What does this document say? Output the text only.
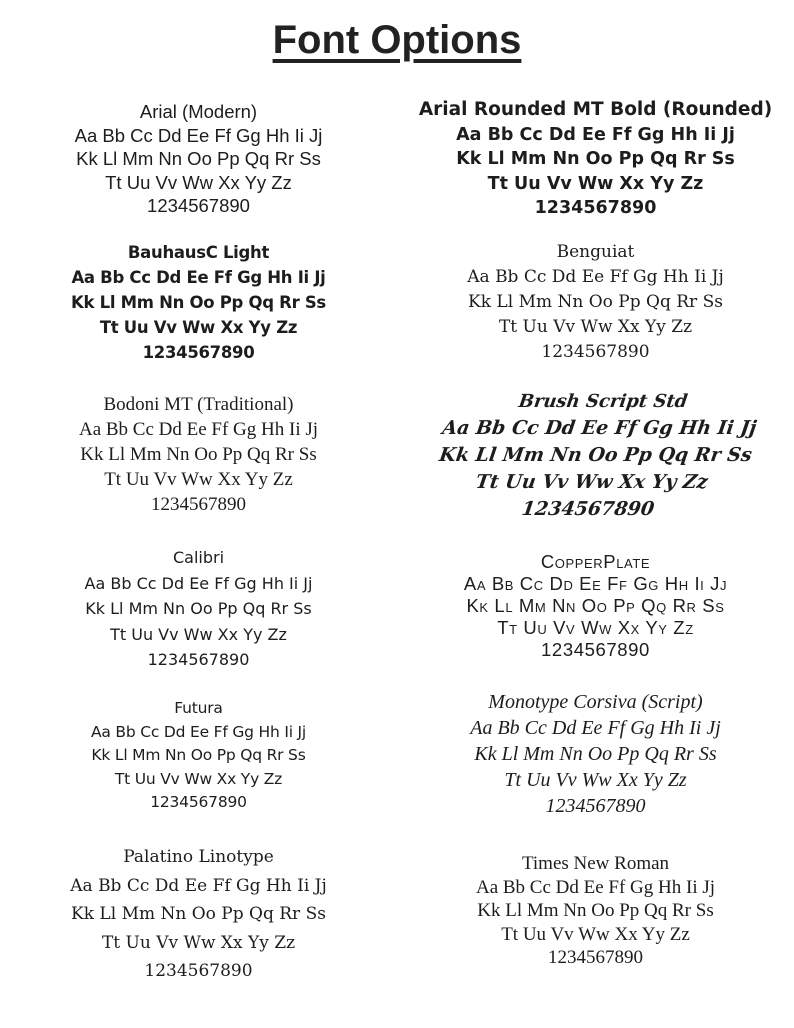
Font Options
Arial (Modern)
Aa Bb Cc Dd Ee Ff Gg Hh Ii Jj
Kk Ll Mm Nn Oo Pp Qq Rr Ss
Tt Uu Vv Ww Xx Yy Zz
1234567890
Arial Rounded MT Bold (Rounded)
Aa Bb Cc Dd Ee Ff Gg Hh Ii Jj
Kk Ll Mm Nn Oo Pp Qq Rr Ss
Tt Uu Vv Ww Xx Yy Zz
1234567890
BauhausC Light
Aa Bb Cc Dd Ee Ff Gg Hh Ii Jj
Kk Ll Mm Nn Oo Pp Qq Rr Ss
Tt Uu Vv Ww Xx Yy Zz
1234567890
Benguiat
Aa Bb Cc Dd Ee Ff Gg Hh Ii Jj
Kk Ll Mm Nn Oo Pp Qq Rr Ss
Tt Uu Vv Ww Xx Yy Zz
1234567890
Bodoni MT (Traditional)
Aa Bb Cc Dd Ee Ff Gg Hh Ii Jj
Kk Ll Mm Nn Oo Pp Qq Rr Ss
Tt Uu Vv Ww Xx Yy Zz
1234567890
Brush Script Std
Aa Bb Cc Dd Ee Ff Gg Hh Ii Jj
Kk Ll Mm Nn Oo Pp Qq Rr Ss
Tt Uu Vv Ww Xx Yy Zz
1234567890
Calibri
Aa Bb Cc Dd Ee Ff Gg Hh Ii Jj
Kk Ll Mm Nn Oo Pp Qq Rr Ss
Tt Uu Vv Ww Xx Yy Zz
1234567890
CopperPlate
Aa Bb Cc Dd Ee Ff Gg Hh Ii Jj
Kk Ll Mm Nn Oo Pp Qq Rr Ss
Tt Uu Vv Ww Xx Yy Zz
1234567890
Futura
Aa Bb Cc Dd Ee Ff Gg Hh Ii Jj
Kk Ll Mm Nn Oo Pp Qq Rr Ss
Tt Uu Vv Ww Xx Yy Zz
1234567890
Monotype Corsiva (Script)
Aa Bb Cc Dd Ee Ff Gg Hh Ii Jj
Kk Ll Mm Nn Oo Pp Qq Rr Ss
Tt Uu Vv Ww Xx Yy Zz
1234567890
Palatino Linotype
Aa Bb Cc Dd Ee Ff Gg Hh Ii Jj
Kk Ll Mm Nn Oo Pp Qq Rr Ss
Tt Uu Vv Ww Xx Yy Zz
1234567890
Times New Roman
Aa Bb Cc Dd Ee Ff Gg Hh Ii Jj
Kk Ll Mm Nn Oo Pp Qq Rr Ss
Tt Uu Vv Ww Xx Yy Zz
1234567890
